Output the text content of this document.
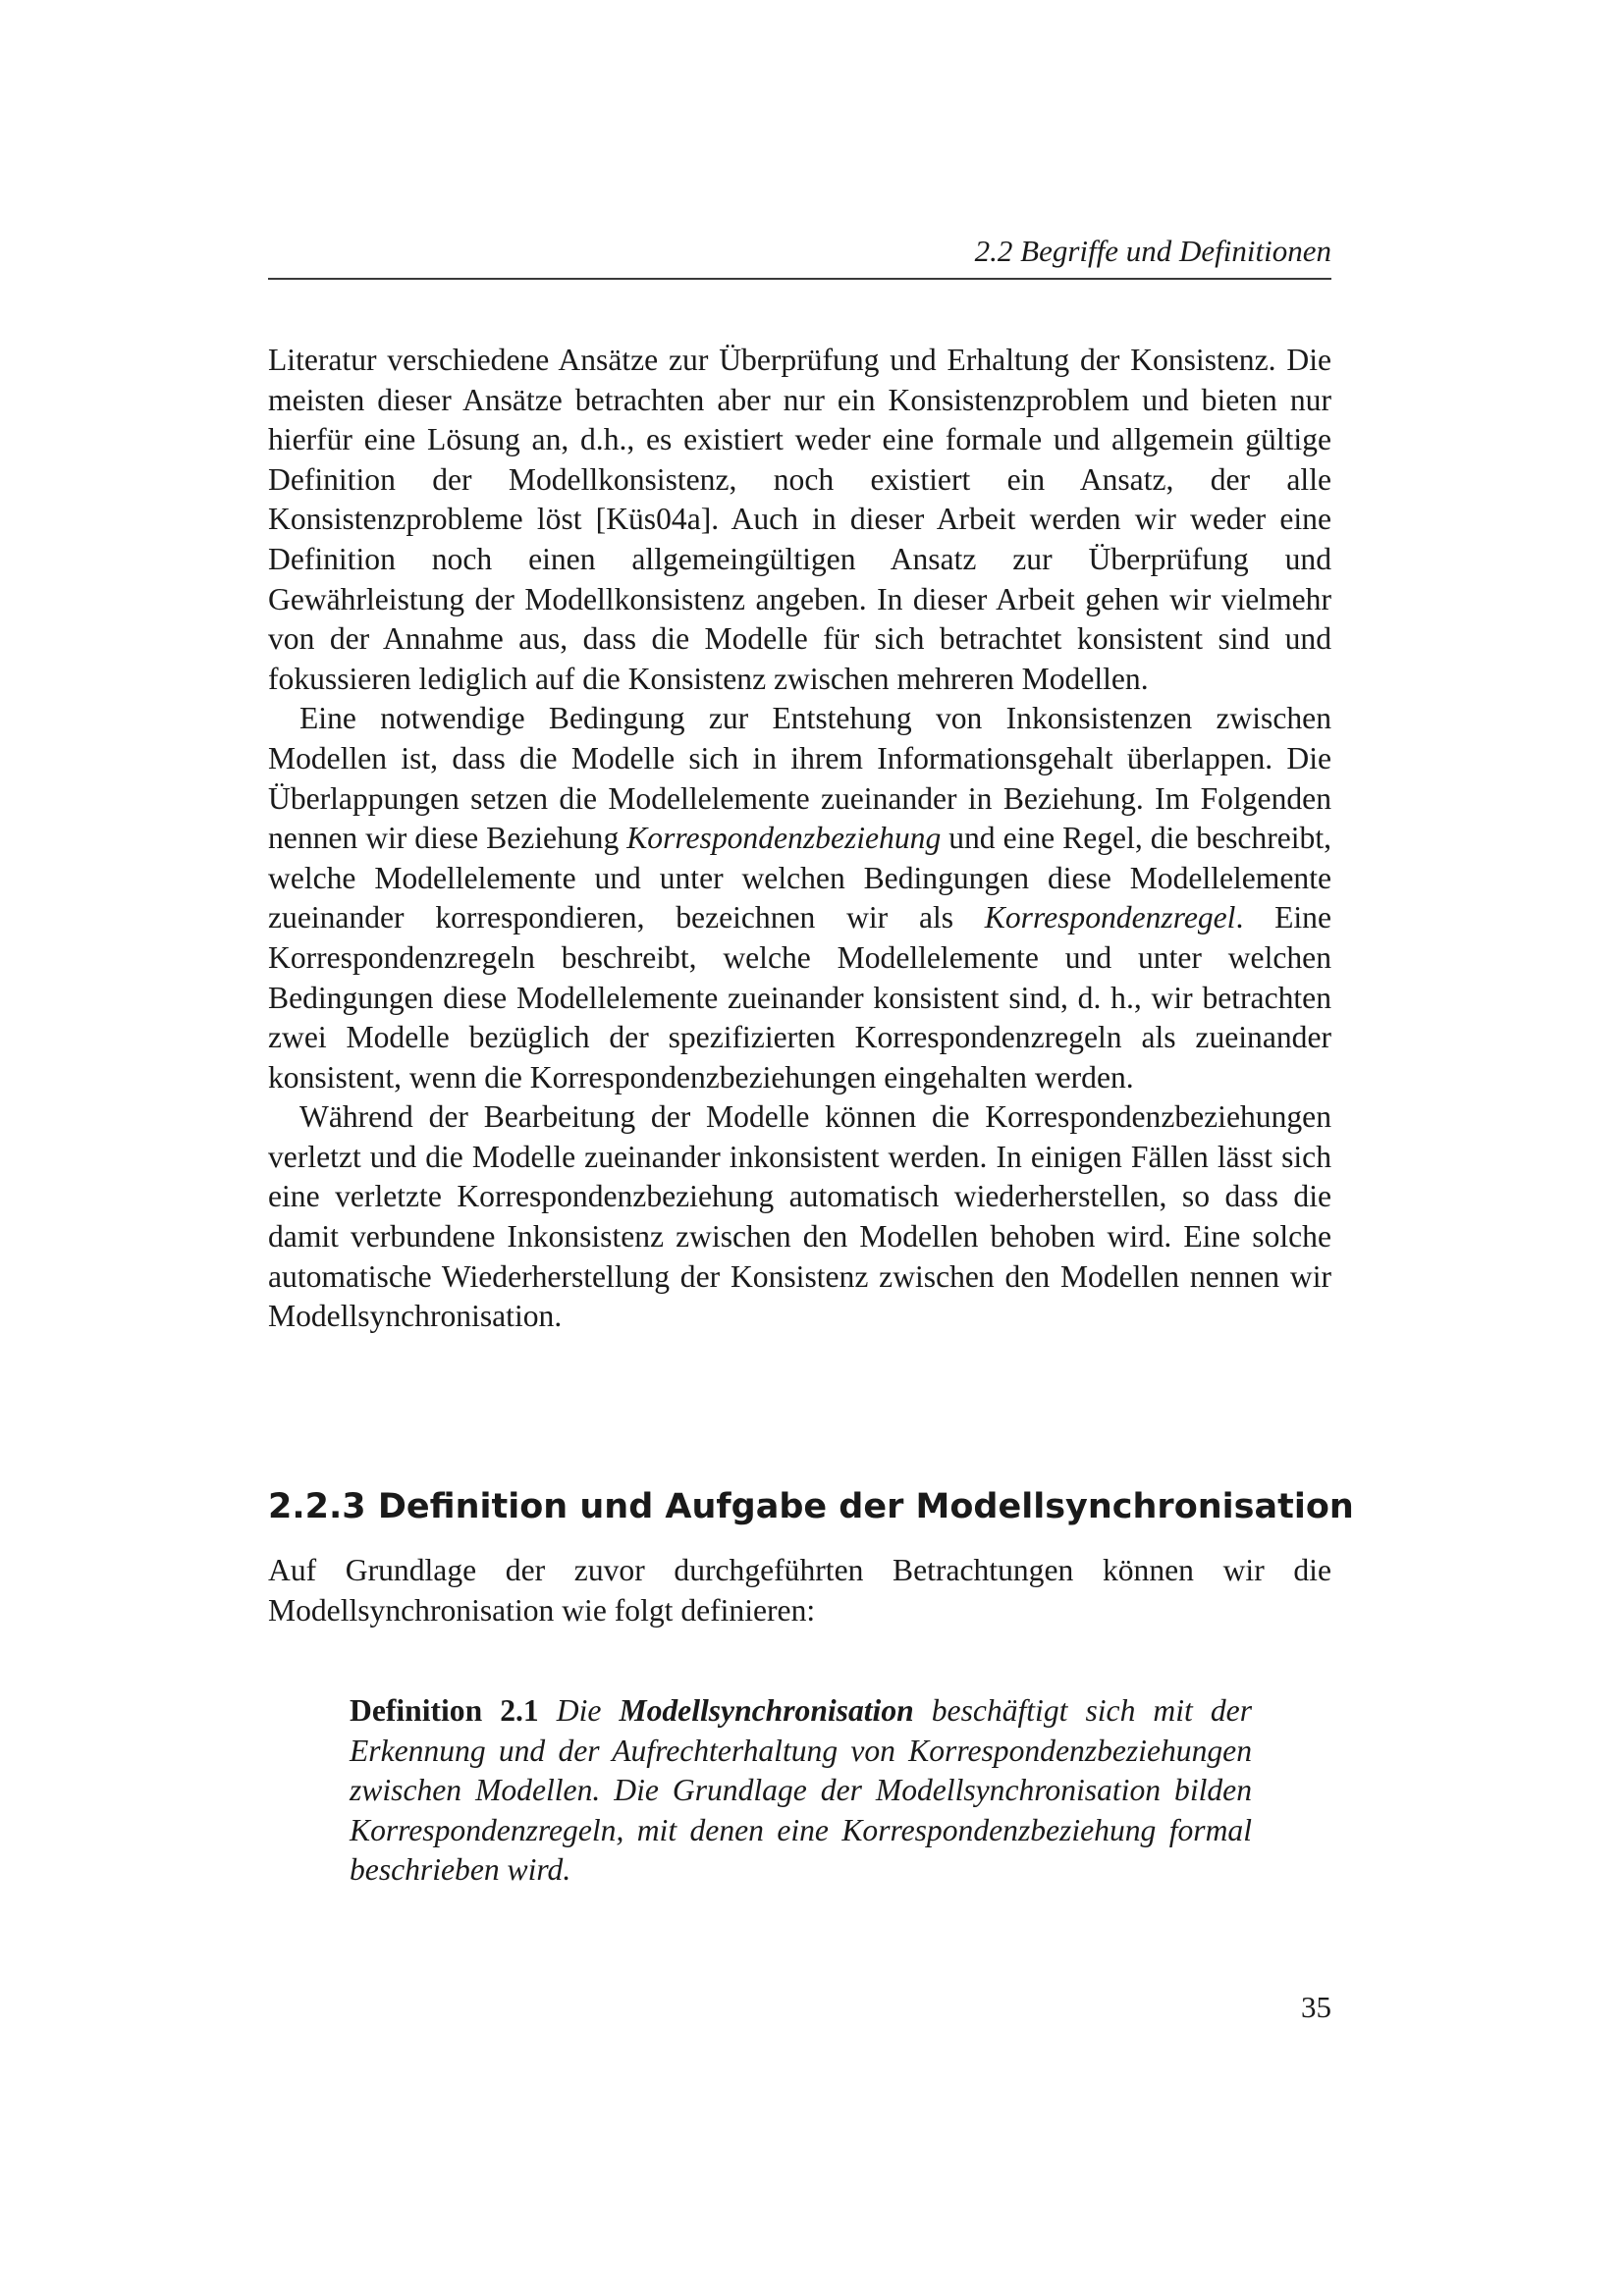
2.2 Begriffe und Definitionen

Literatur verschiedene Ansätze zur Überprüfung und Erhaltung der Konsistenz. Die meisten dieser Ansätze betrachten aber nur ein Konsistenzproblem und bieten nur hierfür eine Lösung an, d.h., es existiert weder eine formale und allgemein gültige Definition der Modellkonsistenz, noch existiert ein Ansatz, der alle Konsistenzprobleme löst [Küs04a]. Auch in dieser Arbeit werden wir weder eine Definition noch einen allgemeingültigen Ansatz zur Überprüfung und Gewährleistung der Modellkonsistenz angeben. In dieser Arbeit gehen wir vielmehr von der Annahme aus, dass die Modelle für sich betrachtet konsistent sind und fokussieren lediglich auf die Konsistenz zwischen mehreren Modellen.

Eine notwendige Bedingung zur Entstehung von Inkonsistenzen zwischen Modellen ist, dass die Modelle sich in ihrem Informationsgehalt überlappen. Die Überlappungen setzen die Modellelemente zueinander in Beziehung. Im Folgenden nennen wir diese Beziehung Korrespondenzbeziehung und eine Regel, die beschreibt, welche Modellelemente und unter welchen Bedingungen diese Modellelemente zueinander korrespondieren, bezeichnen wir als Korrespondenzregel. Eine Korrespondenzregeln beschreibt, welche Modellelemente und unter welchen Bedingungen diese Modellelemente zueinander konsistent sind, d. h., wir betrachten zwei Modelle bezüglich der spezifizierten Korrespondenzregeln als zueinander konsistent, wenn die Korrespondenzbeziehungen eingehalten werden.

Während der Bearbeitung der Modelle können die Korrespondenzbeziehungen verletzt und die Modelle zueinander inkonsistent werden. In einigen Fällen lässt sich eine verletzte Korrespondenzbeziehung automatisch wiederherstellen, so dass die damit verbundene Inkonsistenz zwischen den Modellen behoben wird. Eine solche automatische Wiederherstellung der Konsistenz zwischen den Modellen nennen wir Modellsynchronisation.

2.2.3 Definition und Aufgabe der Modellsynchronisation

Auf Grundlage der zuvor durchgeführten Betrachtungen können wir die Modellsynchronisation wie folgt definieren:

Definition 2.1 Die Modellsynchronisation beschäftigt sich mit der Erkennung und der Aufrechterhaltung von Korrespondenzbeziehungen zwischen Modellen. Die Grundlage der Modellsynchronisation bilden Korrespondenzregeln, mit denen eine Korrespondenzbeziehung formal beschrieben wird.
35
